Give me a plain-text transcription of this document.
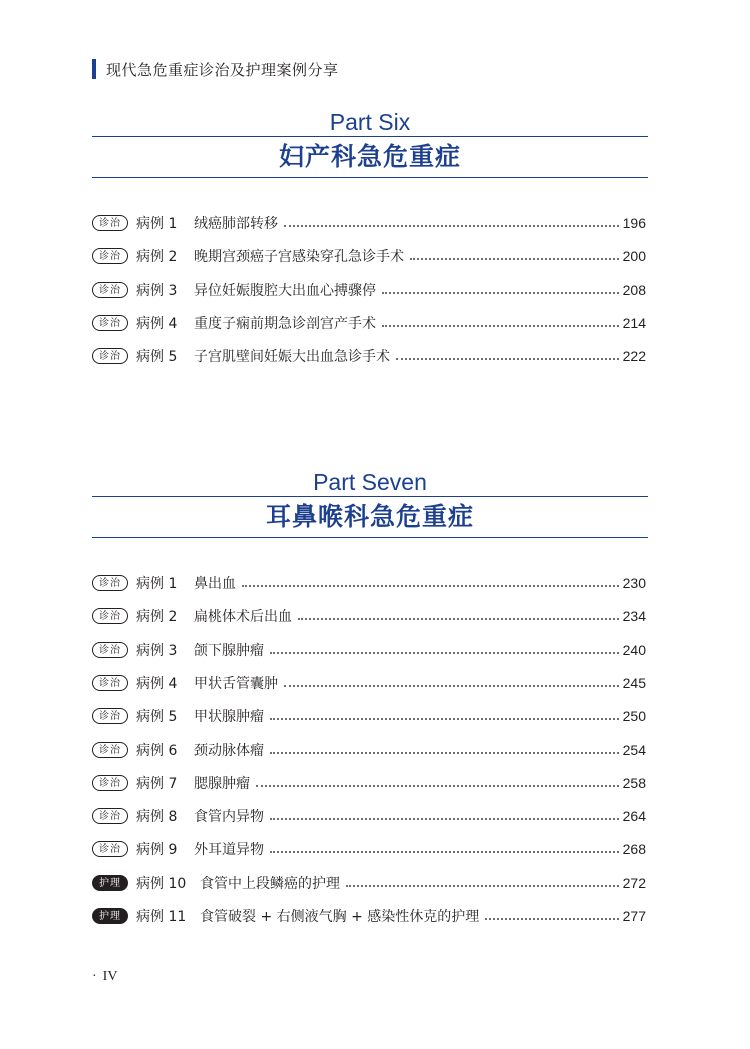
现代急危重症诊治及护理案例分享
Part Six
妇产科急危重症
诊治	病例 1	绒癌肺部转移	196
诊治	病例 2	晚期宫颈癌子宫感染穿孔急诊手术	200
诊治	病例 3	异位妊娠腹腔大出血心搏骤停	208
诊治	病例 4	重度子痫前期急诊剖宫产手术	214
诊治	病例 5	子宫肌壁间妊娠大出血急诊手术	222
Part Seven
耳鼻喉科急危重症
诊治	病例 1	鼻出血	230
诊治	病例 2	扁桃体术后出血	234
诊治	病例 3	颌下腺肿瘤	240
诊治	病例 4	甲状舌管囊肿	245
诊治	病例 5	甲状腺肿瘤	250
诊治	病例 6	颈动脉体瘤	254
诊治	病例 7	腮腺肿瘤	258
诊治	病例 8	食管内异物	264
诊治	病例 9	外耳道异物	268
护理	病例 10 食管中上段鳞癌的护理	272
护理	病例 11 食管破裂 + 右侧液气胸 + 感染性休克的护理	277
· IV
